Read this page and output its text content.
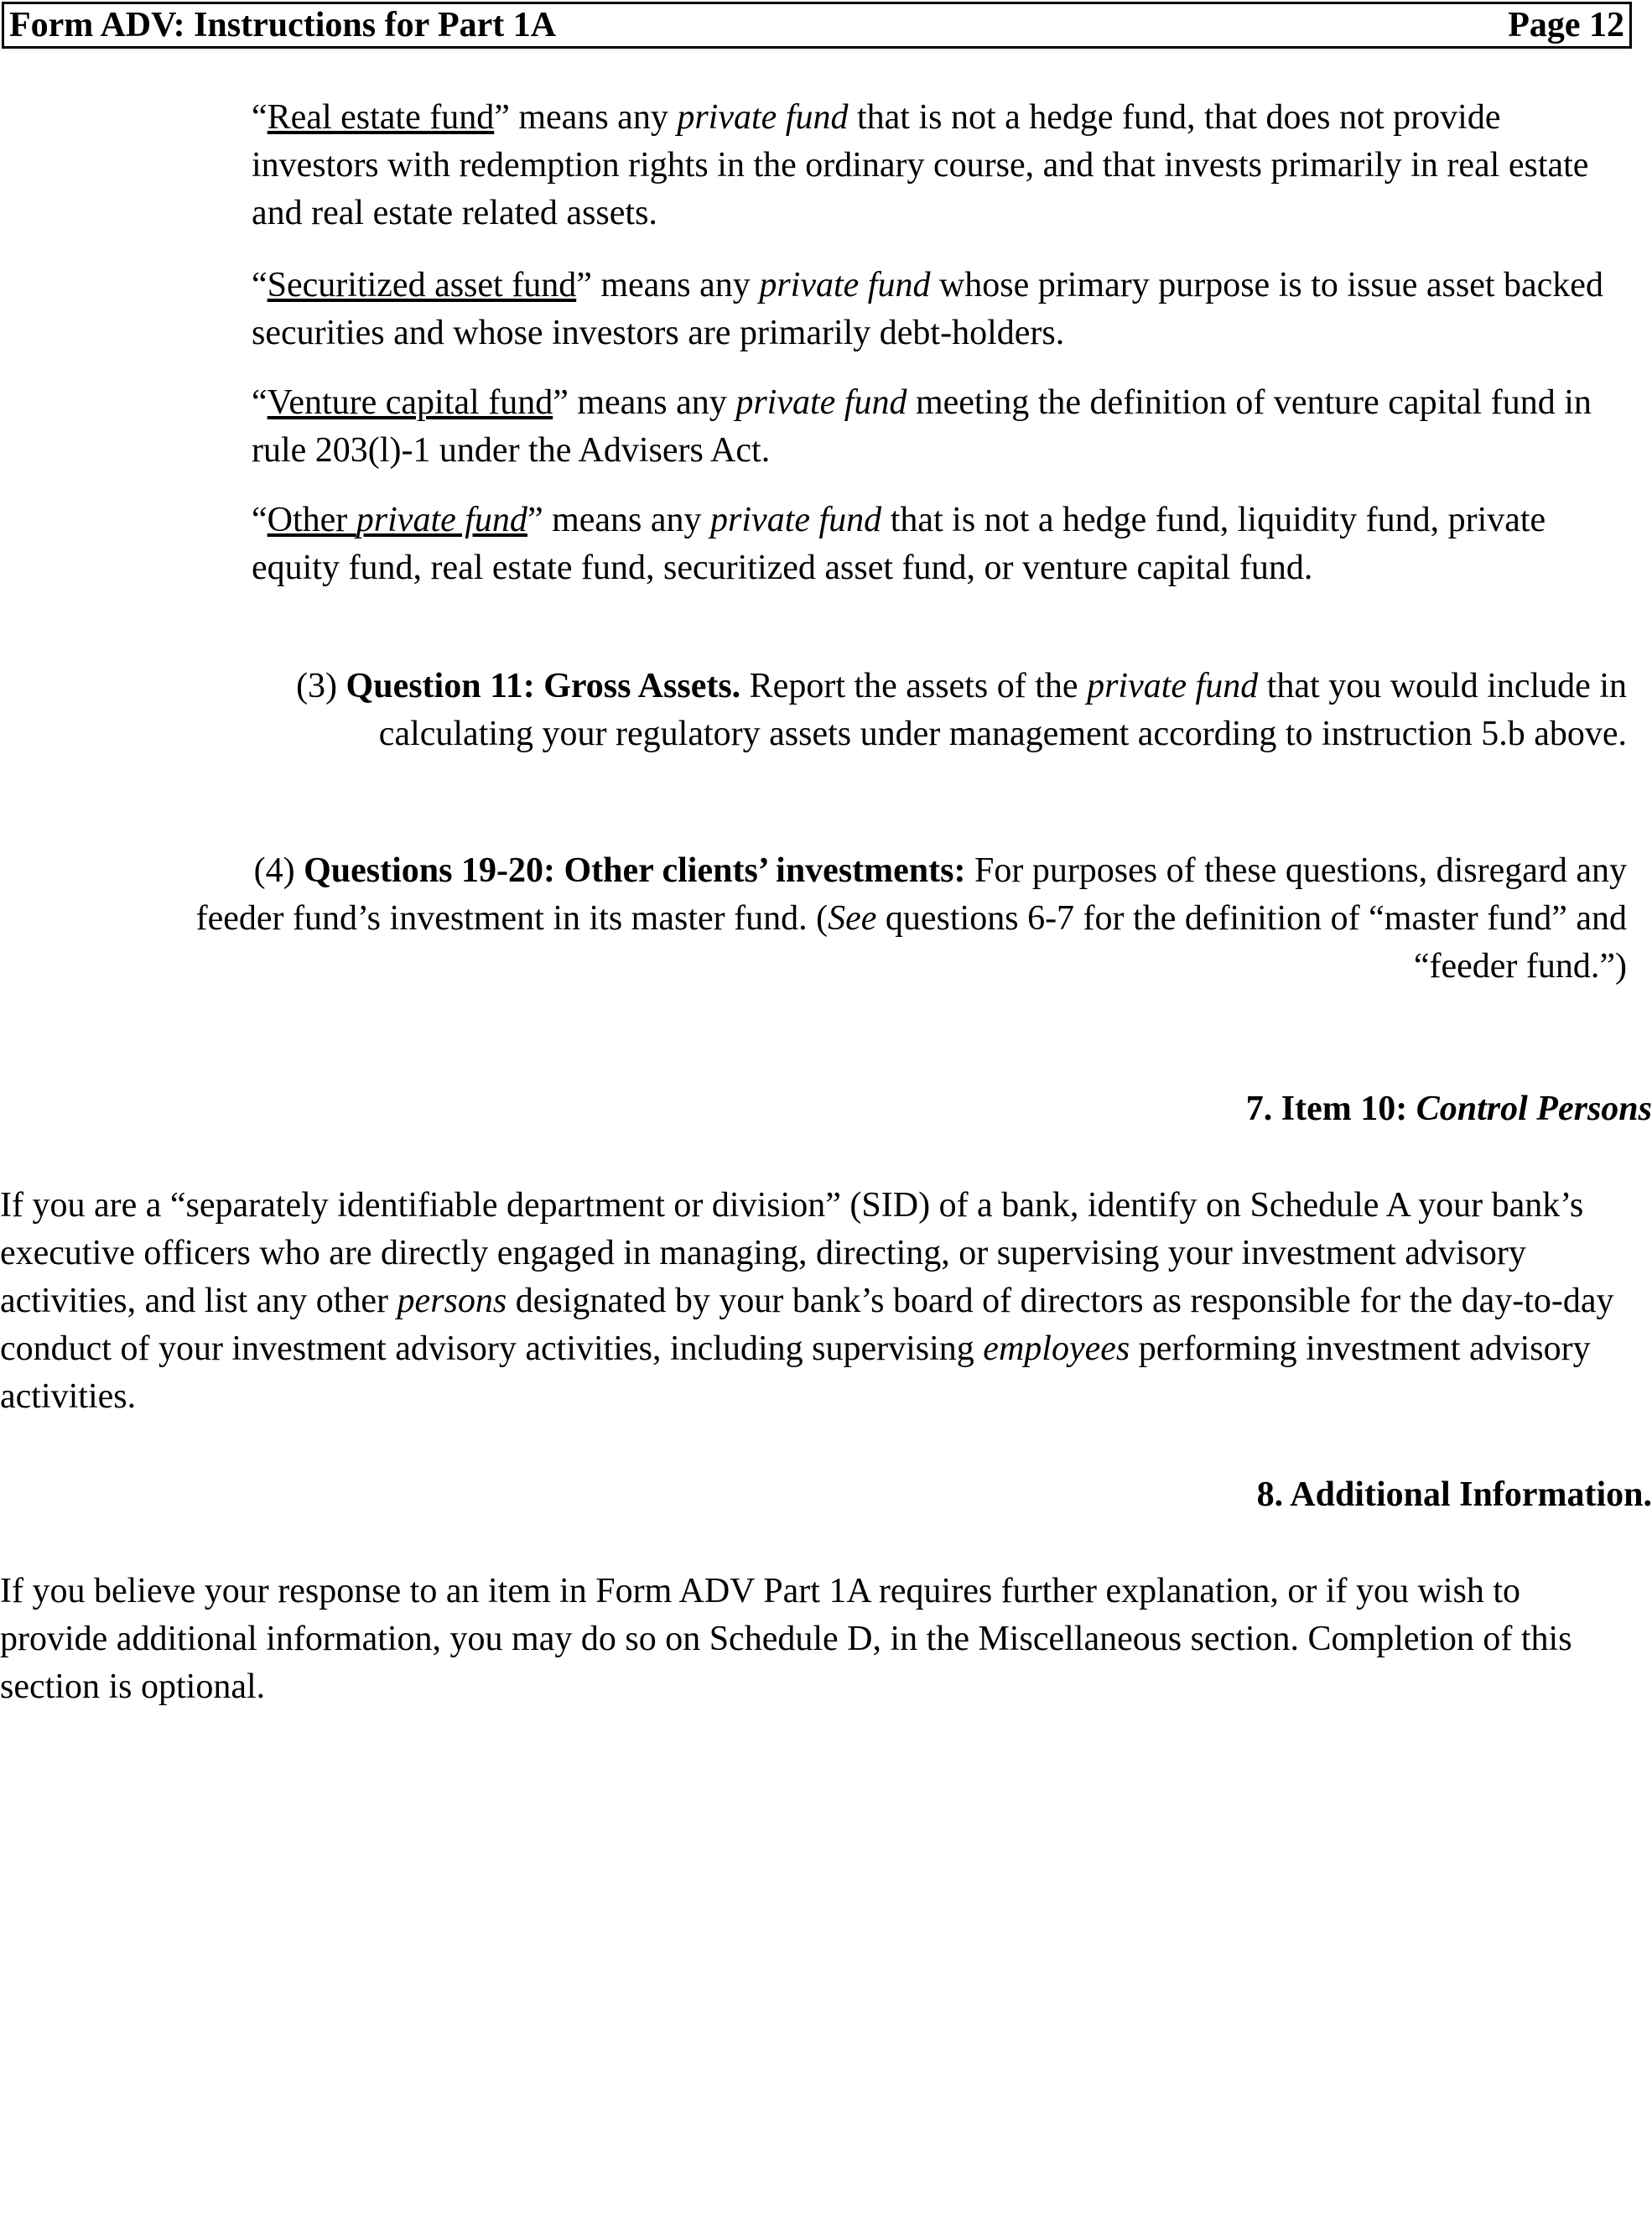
Form ADV: Instructions for Part 1A	Page 12

“Real estate fund” means any private fund that is not a hedge fund, that does not provide investors with redemption rights in the ordinary course, and that invests primarily in real estate and real estate related assets.

“Securitized asset fund” means any private fund whose primary purpose is to issue asset backed securities and whose investors are primarily debt-holders.

“Venture capital fund” means any private fund meeting the definition of venture capital fund in rule 203(l)-1 under the Advisers Act.

“Other private fund” means any private fund that is not a hedge fund, liquidity fund, private equity fund, real estate fund, securitized asset fund, or venture capital fund.

(3) Question 11: Gross Assets. Report the assets of the private fund that you would include in calculating your regulatory assets under management according to instruction 5.b above.

(4) Questions 19-20: Other clients’ investments: For purposes of these questions, disregard any feeder fund’s investment in its master fund. (See questions 6-7 for the definition of “master fund” and “feeder fund.”)

7. Item 10: Control Persons

If you are a “separately identifiable department or division” (SID) of a bank, identify on Schedule A your bank’s executive officers who are directly engaged in managing, directing, or supervising your investment advisory activities, and list any other persons designated by your bank’s board of directors as responsible for the day-to-day conduct of your investment advisory activities, including supervising employees performing investment advisory activities.

8. Additional Information.

If you believe your response to an item in Form ADV Part 1A requires further explanation, or if you wish to provide additional information, you may do so on Schedule D, in the Miscellaneous section. Completion of this section is optional.
